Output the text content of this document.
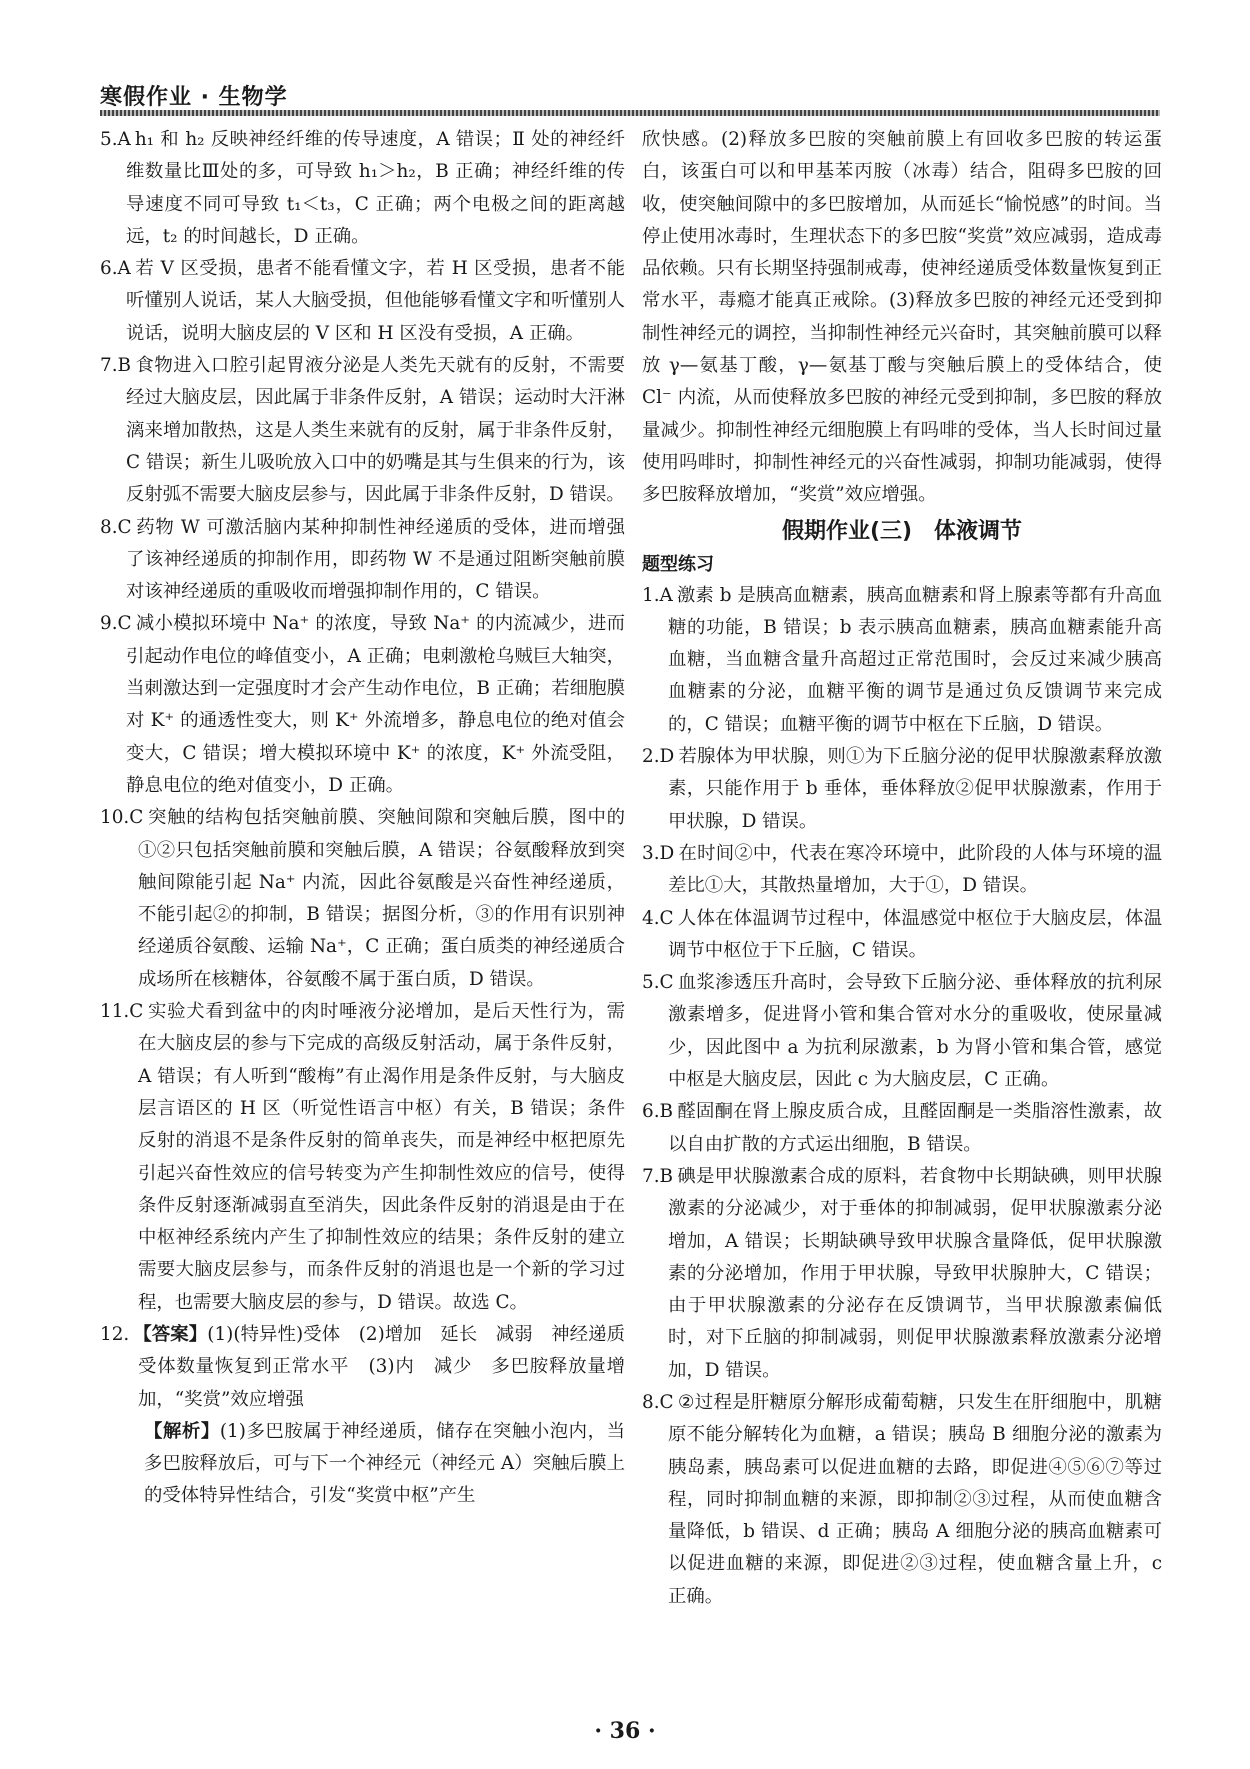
寒假作业 · 生物学

5.A h₁ 和 h₂ 反映神经纤维的传导速度，A 错误；Ⅱ 处的神经纤维数量比Ⅲ处的多，可导致 h₁＞h₂，B 正确；神经纤维的传导速度不同可导致 t₁＜t₃，C 正确；两个电极之间的距离越远，t₂ 的时间越长，D 正确。

6.A 若 V 区受损，患者不能看懂文字，若 H 区受损，患者不能听懂别人说话，某人大脑受损，但他能够看懂文字和听懂别人说话，说明大脑皮层的 V 区和 H 区没有受损，A 正确。

7.B 食物进入口腔引起胃液分泌是人类先天就有的反射，不需要经过大脑皮层，因此属于非条件反射，A 错误；运动时大汗淋漓来增加散热，这是人类生来就有的反射，属于非条件反射，C 错误；新生儿吸吮放入口中的奶嘴是其与生俱来的行为，该反射弧不需要大脑皮层参与，因此属于非条件反射，D 错误。

8.C 药物 W 可激活脑内某种抑制性神经递质的受体，进而增强了该神经递质的抑制作用，即药物 W 不是通过阻断突触前膜对该神经递质的重吸收而增强抑制作用的，C 错误。

9.C 减小模拟环境中 Na⁺ 的浓度，导致 Na⁺ 的内流减少，进而引起动作电位的峰值变小，A 正确；电刺激枪乌贼巨大轴突，当刺激达到一定强度时才会产生动作电位，B 正确；若细胞膜对 K⁺ 的通透性变大，则 K⁺ 外流增多，静息电位的绝对值会变大，C 错误；增大模拟环境中 K⁺ 的浓度，K⁺ 外流受阻，静息电位的绝对值变小，D 正确。

10.C 突触的结构包括突触前膜、突触间隙和突触后膜，图中的①②只包括突触前膜和突触后膜，A 错误；谷氨酸释放到突触间隙能引起 Na⁺ 内流，因此谷氨酸是兴奋性神经递质，不能引起②的抑制，B 错误；据图分析，③的作用有识别神经递质谷氨酸、运输 Na⁺，C 正确；蛋白质类的神经递质合成场所在核糖体，谷氨酸不属于蛋白质，D 错误。

11.C 实验犬看到盆中的肉时唾液分泌增加，是后天性行为，需在大脑皮层的参与下完成的高级反射活动，属于条件反射，A 错误；有人听到“酸梅”有止渴作用是条件反射，与大脑皮层言语区的 H 区（听觉性语言中枢）有关，B 错误；条件反射的消退不是条件反射的简单丧失，而是神经中枢把原先引起兴奋性效应的信号转变为产生抑制性效应的信号，使得条件反射逐渐减弱直至消失，因此条件反射的消退是由于在中枢神经系统内产生了抑制性效应的结果；条件反射的建立需要大脑皮层参与，而条件反射的消退也是一个新的学习过程，也需要大脑皮层的参与，D 错误。故选 C。

12. 【答案】(1)(特异性)受体　(2)增加　延长　减弱　神经递质受体数量恢复到正常水平　(3)内　减少　多巴胺释放量增加，“奖赏”效应增强

【解析】(1)多巴胺属于神经递质，储存在突触小泡内，当多巴胺释放后，可与下一个神经元（神经元 A）突触后膜上的受体特异性结合，引发“奖赏中枢”产生

欣快感。(2)释放多巴胺的突触前膜上有回收多巴胺的转运蛋白，该蛋白可以和甲基苯丙胺（冰毒）结合，阻碍多巴胺的回收，使突触间隙中的多巴胺增加，从而延长“愉悦感”的时间。当停止使用冰毒时，生理状态下的多巴胺“奖赏”效应减弱，造成毒品依赖。只有长期坚持强制戒毒，使神经递质受体数量恢复到正常水平，毒瘾才能真正戒除。(3)释放多巴胺的神经元还受到抑制性神经元的调控，当抑制性神经元兴奋时，其突触前膜可以释放 γ—氨基丁酸，γ—氨基丁酸与突触后膜上的受体结合，使 Cl⁻ 内流，从而使释放多巴胺的神经元受到抑制，多巴胺的释放量减少。抑制性神经元细胞膜上有吗啡的受体，当人长时间过量使用吗啡时，抑制性神经元的兴奋性减弱，抑制功能减弱，使得多巴胺释放增加，“奖赏”效应增强。

假期作业(三)　体液调节
题型练习

1.A 激素 b 是胰高血糖素，胰高血糖素和肾上腺素等都有升高血糖的功能，B 错误；b 表示胰高血糖素，胰高血糖素能升高血糖，当血糖含量升高超过正常范围时，会反过来减少胰高血糖素的分泌，血糖平衡的调节是通过负反馈调节来完成的，C 错误；血糖平衡的调节中枢在下丘脑，D 错误。

2.D 若腺体为甲状腺，则①为下丘脑分泌的促甲状腺激素释放激素，只能作用于 b 垂体，垂体释放②促甲状腺激素，作用于甲状腺，D 错误。

3.D 在时间②中，代表在寒冷环境中，此阶段的人体与环境的温差比①大，其散热量增加，大于①，D 错误。

4.C 人体在体温调节过程中，体温感觉中枢位于大脑皮层，体温调节中枢位于下丘脑，C 错误。

5.C 血浆渗透压升高时，会导致下丘脑分泌、垂体释放的抗利尿激素增多，促进肾小管和集合管对水分的重吸收，使尿量减少，因此图中 a 为抗利尿激素，b 为肾小管和集合管，感觉中枢是大脑皮层，因此 c 为大脑皮层，C 正确。

6.B 醛固酮在肾上腺皮质合成，且醛固酮是一类脂溶性激素，故以自由扩散的方式运出细胞，B 错误。

7.B 碘是甲状腺激素合成的原料，若食物中长期缺碘，则甲状腺激素的分泌减少，对于垂体的抑制减弱，促甲状腺激素分泌增加，A 错误；长期缺碘导致甲状腺含量降低，促甲状腺激素的分泌增加，作用于甲状腺，导致甲状腺肿大，C 错误；由于甲状腺激素的分泌存在反馈调节，当甲状腺激素偏低时，对下丘脑的抑制减弱，则促甲状腺激素释放激素分泌增加，D 错误。

8.C ②过程是肝糖原分解形成葡萄糖，只发生在肝细胞中，肌糖原不能分解转化为血糖，a 错误；胰岛 B 细胞分泌的激素为胰岛素，胰岛素可以促进血糖的去路，即促进④⑤⑥⑦等过程，同时抑制血糖的来源，即抑制②③过程，从而使血糖含量降低，b 错误、d 正确；胰岛 A 细胞分泌的胰高血糖素可以促进血糖的来源，即促进②③过程，使血糖含量上升，c 正确。

· 36 ·
